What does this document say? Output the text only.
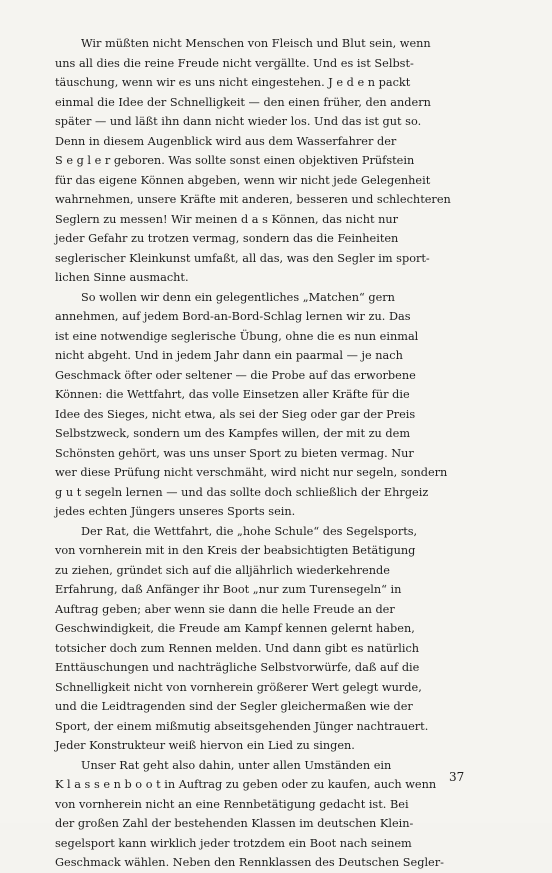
Wir müßten nicht Menschen von Fleisch und Blut sein, wenn
uns all dies die reine Freude nicht vergällte. Und es ist Selbst-
täuschung, wenn wir es uns nicht eingestehen. J e d e n packt
einmal die Idee der Schnelligkeit — den einen früher, den andern
später — und läßt ihn dann nicht wieder los. Und das ist gut so.
Denn in diesem Augenblick wird aus dem Wasserfahrer der
S e g l e r geboren. Was sollte sonst einen objektiven Prüfstein
für das eigene Können abgeben, wenn wir nicht jede Gelegenheit
wahrnehmen, unsere Kräfte mit anderen, besseren und schlechteren
Seglern zu messen! Wir meinen d a s Können, das nicht nur
jeder Gefahr zu trotzen vermag, sondern das die Feinheiten
seglerischer Kleinkunst umfaßt, all das, was den Segler im sport-
lichen Sinne ausmacht.
So wollen wir denn ein gelegentliches „Matchen“ gern
annehmen, auf jedem Bord-an-Bord-Schlag lernen wir zu. Das
ist eine notwendige seglerische Übung, ohne die es nun einmal
nicht abgeht. Und in jedem Jahr dann ein paarmal — je nach
Geschmack öfter oder seltener — die Probe auf das erworbene
Können: die Wettfahrt, das volle Einsetzen aller Kräfte für die
Idee des Sieges, nicht etwa, als sei der Sieg oder gar der Preis
Selbstzweck, sondern um des Kampfes willen, der mit zu dem
Schönsten gehört, was uns unser Sport zu bieten vermag. Nur
wer diese Prüfung nicht verschmäht, wird nicht nur segeln, sondern
g u t segeln lernen — und das sollte doch schließlich der Ehrgeiz
jedes echten Jüngers unseres Sports sein.
Der Rat, die Wettfahrt, die „hohe Schule“ des Segelsports,
von vornherein mit in den Kreis der beabsichtigten Betätigung
zu ziehen, gründet sich auf die alljährlich wiederkehrende
Erfahrung, daß Anfänger ihr Boot „nur zum Turensegeln“ in
Auftrag geben; aber wenn sie dann die helle Freude an der
Geschwindigkeit, die Freude am Kampf kennen gelernt haben,
totsicher doch zum Rennen melden. Und dann gibt es natürlich
Enttäuschungen und nachträgliche Selbstvorwürfe, daß auf die
Schnelligkeit nicht von vornherein größerer Wert gelegt wurde,
und die Leidtragenden sind der Segler gleichermaßen wie der
Sport, der einem mißmutig abseitsgehenden Jünger nachtrauert.
Jeder Konstrukteur weiß hiervon ein Lied zu singen.
Unser Rat geht also dahin, unter allen Umständen ein
K l a s s e n b o o t in Auftrag zu geben oder zu kaufen, auch wenn
von vornherein nicht an eine Rennbetätigung gedacht ist. Bei
der großen Zahl der bestehenden Klassen im deutschen Klein-
segelsport kann wirklich jeder trotzdem ein Boot nach seinem
Geschmack wählen. Neben den Rennklassen des Deutschen Segler-
37
